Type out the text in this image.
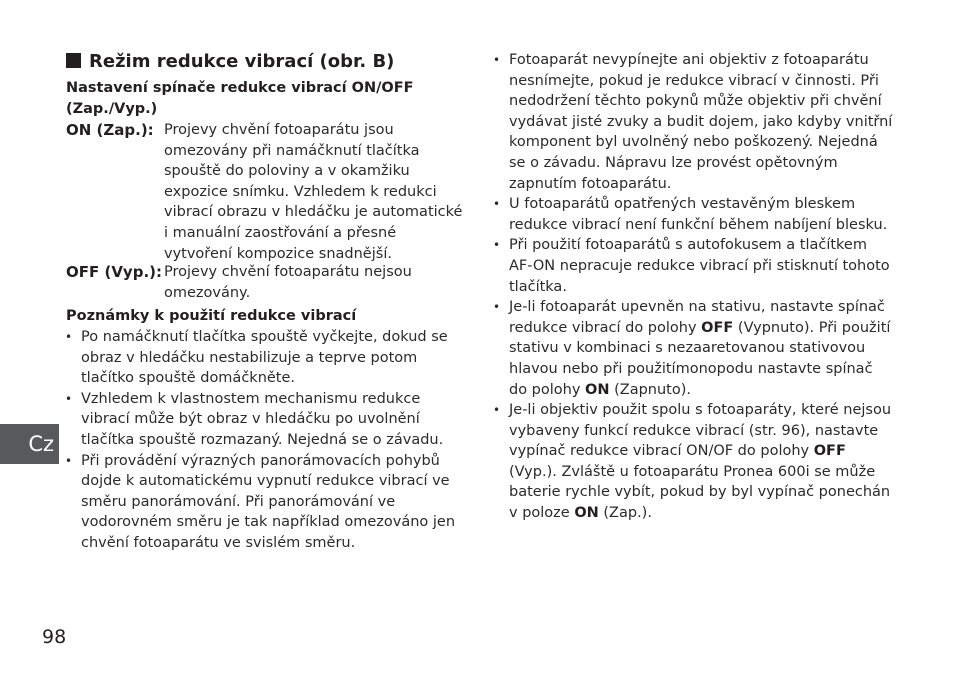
Režim redukce vibrací (obr. B)
Nastavení spínače redukce vibrací ON/OFF
(Zap./Vyp.)
ON (Zap.): Projevy chvění fotoaparátu jsou omezovány při namáčknutí tlačítka spouště do poloviny a v okamžiku expozice snímku. Vzhledem k redukci vibrací obrazu v hledáčku je automatické i manuální zaostřování a přesné vytvoření kompozice snadnější.
OFF (Vyp.): Projevy chvění fotoaparátu nejsou omezovány.
Poznámky k použití redukce vibrací
• Po namáčknutí tlačítka spouště vyčkejte, dokud se obraz v hledáčku nestabilizuje a teprve potom tlačítko spouště domáčkněte.
• Vzhledem k vlastnostem mechanismu redukce vibrací může být obraz v hledáčku po uvolnění tlačítka spouště rozmazaný. Nejedná se o závadu.
• Při provádění výrazných panorámovacích pohybů dojde k automatickému vypnutí redukce vibrací ve směru panorámování. Při panorámování ve vodorovném směru je tak například omezováno jen chvění fotoaparátu ve svislém směru.
• Fotoaparát nevypínejte ani objektiv z fotoaparátu nesnímejte, pokud je redukce vibrací v činnosti. Při nedodržení těchto pokynů může objektiv při chvění vydávat jisté zvuky a budit dojem, jako kdyby vnitřní komponent byl uvolněný nebo poškozený. Nejedná se o závadu. Nápravu lze provést opětovným zapnutím fotoaparátu.
• U fotoaparátů opatřených vestavěným bleskem redukce vibrací není funkční během nabíjení blesku.
• Při použití fotoaparátů s autofokusem a tlačítkem AF-ON nepracuje redukce vibrací při stisknutí tohoto tlačítka.
• Je-li fotoaparát upevněn na stativu, nastavte spínač redukce vibrací do polohy OFF (Vypnuto). Při použití stativu v kombinaci s nezaaretovanou stativovou hlavou nebo při použitímonopodu nastavte spínač do polohy ON (Zapnuto).
• Je-li objektiv použit spolu s fotoaparáty, které nejsou vybaveny funkcí redukce vibrací (str. 96), nastavte vypínač redukce vibrací ON/OF do polohy OFF (Vyp.). Zvláště u fotoaparátu Pronea 600i se může baterie rychle vybít, pokud by byl vypínač ponechán v poloze ON (Zap.).
Cz
98
